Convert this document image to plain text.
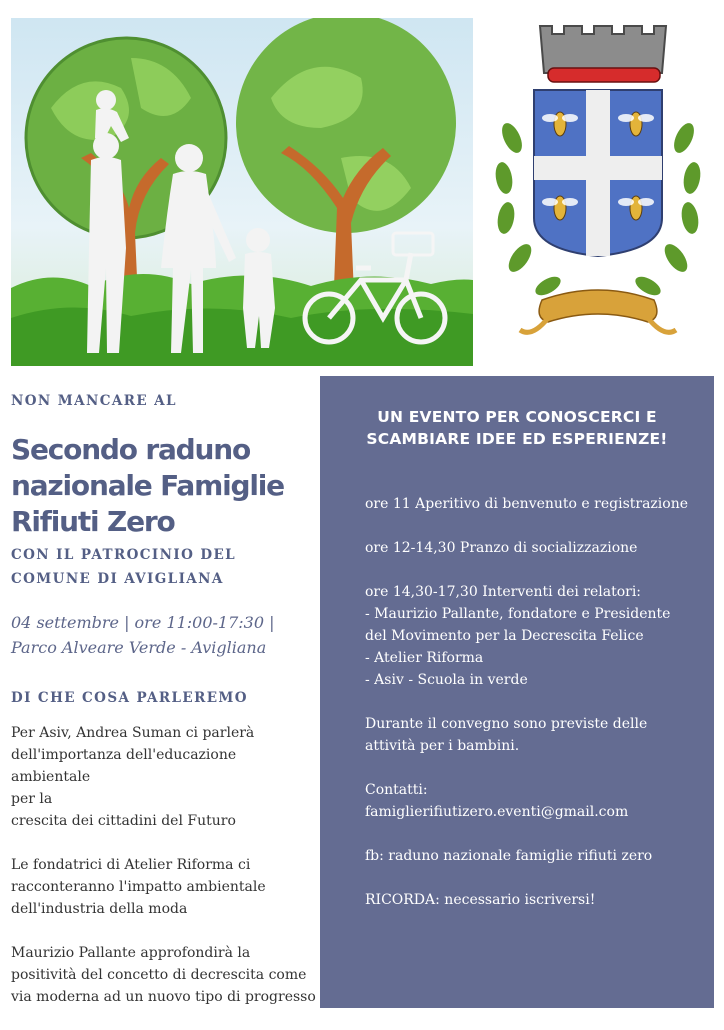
NON MANCARE AL
Secondo raduno
nazionale Famiglie
Rifiuti Zero
CON IL PATROCINIO DEL
COMUNE DI AVIGLIANA
04 settembre | ore 11:00-17:30 |
Parco Alveare Verde - Avigliana
DI CHE COSA PARLEREMO

Per Asiv, Andrea Suman ci parlerà
dell'importanza dell'educazione ambientale
per la
crescita dei cittadini del Futuro

Le fondatrici di Atelier Riforma ci
racconteranno l'impatto ambientale
dell'industria della moda

Maurizio Pallante approfondirà la
positività del concetto di decrescita come
via moderna ad un nuovo tipo di progresso

UN EVENTO PER CONOSCERCI E
SCAMBIARE IDEE ED ESPERIENZE!

ore 11 Aperitivo di benvenuto e registrazione

ore 12-14,30 Pranzo di socializzazione

ore 14,30-17,30 Interventi dei relatori:
- Maurizio Pallante, fondatore e Presidente
del Movimento per la Decrescita Felice
- Atelier Riforma
- Asiv - Scuola in verde

Durante il convegno sono previste delle
attività per i bambini.

Contatti:
famiglierifiutizero.eventi@gmail.com

fb: raduno nazionale famiglie rifiuti zero

RICORDA: necessario iscriversi!
